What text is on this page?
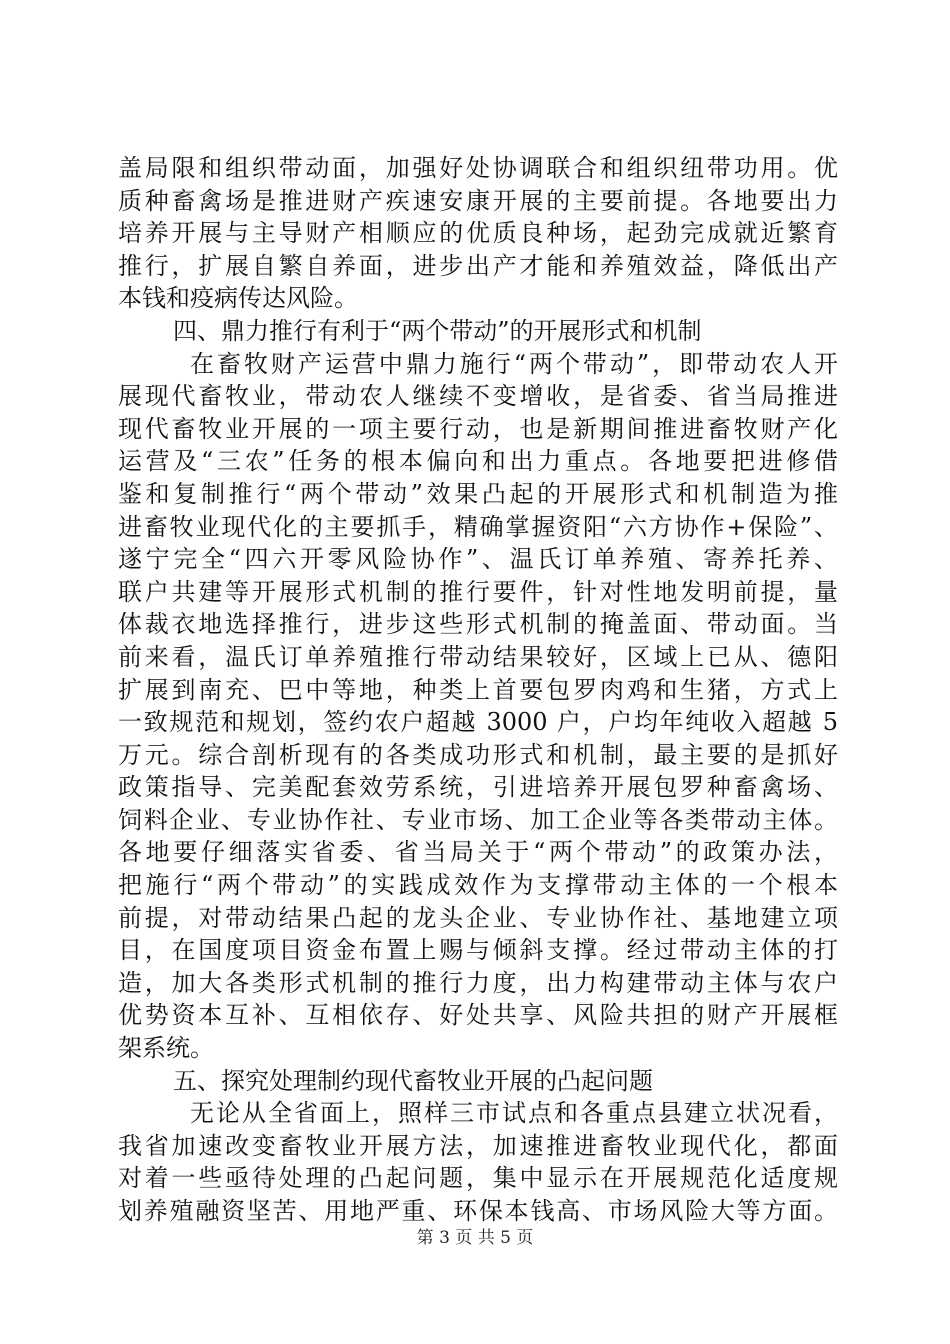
盖局限和组织带动面，加强好处协调联合和组织纽带功用。优
质种畜禽场是推进财产疾速安康开展的主要前提。各地要出力
培养开展与主导财产相顺应的优质良种场，起劲完成就近繁育
推行，扩展自繁自养面，进步出产才能和养殖效益，降低出产
本钱和疫病传达风险。
四、鼎力推行有利于“两个带动”的开展形式和机制
在畜牧财产运营中鼎力施行“两个带动”，即带动农人开
展现代畜牧业，带动农人继续不变增收，是省委、省当局推进
现代畜牧业开展的一项主要行动，也是新期间推进畜牧财产化
运营及“三农”任务的根本偏向和出力重点。各地要把进修借
鉴和复制推行“两个带动”效果凸起的开展形式和机制造为推
进畜牧业现代化的主要抓手，精确掌握资阳“六方协作+保险”、
遂宁完全“四六开零风险协作”、温氏订单养殖、寄养托养、
联户共建等开展形式机制的推行要件，针对性地发明前提，量
体裁衣地选择推行，进步这些形式机制的掩盖面、带动面。当
前来看，温氏订单养殖推行带动结果较好，区域上已从、德阳
扩展到南充、巴中等地，种类上首要包罗肉鸡和生猪，方式上
一致规范和规划，签约农户超越 3000 户，户均年纯收入超越 5
万元。综合剖析现有的各类成功形式和机制，最主要的是抓好
政策指导、完美配套效劳系统，引进培养开展包罗种畜禽场、
饲料企业、专业协作社、专业市场、加工企业等各类带动主体。
各地要仔细落实省委、省当局关于“两个带动”的政策办法，
把施行“两个带动”的实践成效作为支撑带动主体的一个根本
前提，对带动结果凸起的龙头企业、专业协作社、基地建立项
目，在国度项目资金布置上赐与倾斜支撑。经过带动主体的打
造，加大各类形式机制的推行力度，出力构建带动主体与农户
优势资本互补、互相依存、好处共享、风险共担的财产开展框
架系统。
五、探究处理制约现代畜牧业开展的凸起问题
无论从全省面上，照样三市试点和各重点县建立状况看，
我省加速改变畜牧业开展方法，加速推进畜牧业现代化，都面
对着一些亟待处理的凸起问题，集中显示在开展规范化适度规
划养殖融资坚苦、用地严重、环保本钱高、市场风险大等方面。
第 3 页 共 5 页
